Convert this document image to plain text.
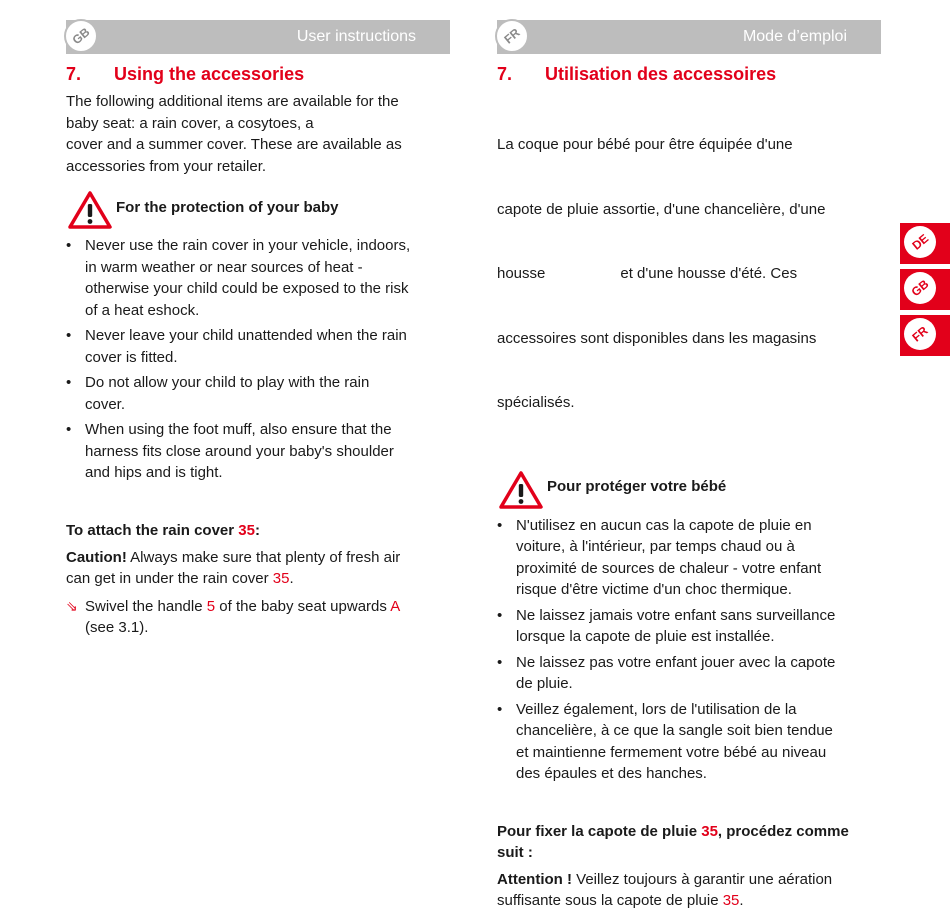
GB	User instructions
7.	Using the accessories
The following additional items are available for the
baby seat: a rain cover, a cosytoes, a
cover and a summer cover. These are available as
accessories from your retailer.
For the protection of your baby
• Never use the rain cover in your vehicle, indoors,
in warm weather or near sources of heat -
otherwise your child could be exposed to the risk
of a heat eshock.
• Never leave your child unattended when the rain
cover is fitted.
• Do not allow your child to play with the rain
cover.
• When using the foot muff, also ensure that the
harness fits close around your baby's shoulder
and hips and is tight.
To attach the rain cover 35:
Caution! Always make sure that plenty of fresh air
can get in under the rain cover 35.
⇘ Swivel the handle 5 of the baby seat upwards A
(see 3.1).
FR	Mode d’emploi
7.	Utilisation des accessoires

La coque pour bébé pour être équipée d'une

capote de pluie assortie, d'une chancelière, d'une

housse                  et d'une housse d'été. Ces

accessoires sont disponibles dans les magasins

spécialisés.

Pour protéger votre bébé
• N'utilisez en aucun cas la capote de pluie en
voiture, à l'intérieur, par temps chaud ou à
proximité de sources de chaleur - votre enfant
risque d'être victime d'un choc thermique.
• Ne laissez jamais votre enfant sans surveillance
lorsque la capote de pluie est installée.
• Ne laissez pas votre enfant jouer avec la capote
de pluie.
• Veillez également, lors de l'utilisation de la
chancelière, à ce que la sangle soit bien tendue
et maintienne fermement votre bébé au niveau
des épaules et des hanches.
Pour fixer la capote de pluie 35, procédez comme
suit :
Attention ! Veillez toujours à garantir une aération
suffisante sous la capote de pluie 35.
DE
GB
FR
